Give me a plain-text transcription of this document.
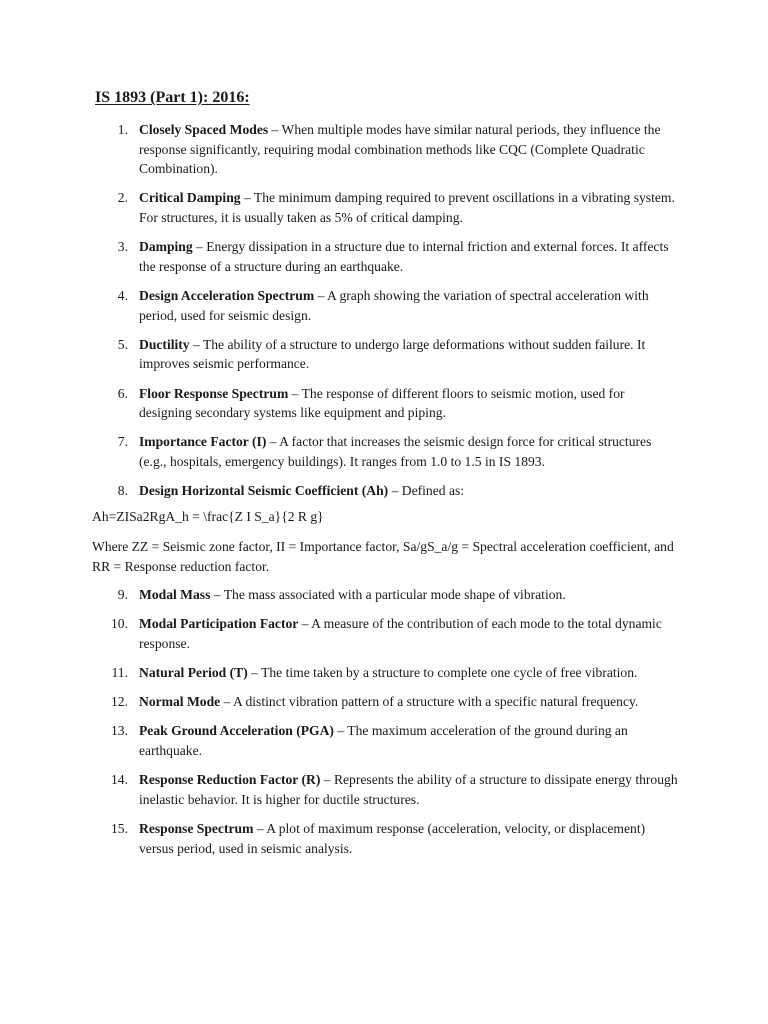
IS 1893 (Part 1): 2016:
1. Closely Spaced Modes – When multiple modes have similar natural periods, they influence the response significantly, requiring modal combination methods like CQC (Complete Quadratic Combination).
2. Critical Damping – The minimum damping required to prevent oscillations in a vibrating system. For structures, it is usually taken as 5% of critical damping.
3. Damping – Energy dissipation in a structure due to internal friction and external forces. It affects the response of a structure during an earthquake.
4. Design Acceleration Spectrum – A graph showing the variation of spectral acceleration with period, used for seismic design.
5. Ductility – The ability of a structure to undergo large deformations without sudden failure. It improves seismic performance.
6. Floor Response Spectrum – The response of different floors to seismic motion, used for designing secondary systems like equipment and piping.
7. Importance Factor (I) – A factor that increases the seismic design force for critical structures (e.g., hospitals, emergency buildings). It ranges from 1.0 to 1.5 in IS 1893.
8. Design Horizontal Seismic Coefficient (Ah) – Defined as:

Ah=ZISa2RgA_h = \frac{Z I S_a}{2 R g}

Where ZZ = Seismic zone factor, II = Importance factor, Sa/gS_a/g = Spectral acceleration coefficient, and RR = Response reduction factor.

9. Modal Mass – The mass associated with a particular mode shape of vibration.
10. Modal Participation Factor – A measure of the contribution of each mode to the total dynamic response.
11. Natural Period (T) – The time taken by a structure to complete one cycle of free vibration.
12. Normal Mode – A distinct vibration pattern of a structure with a specific natural frequency.
13. Peak Ground Acceleration (PGA) – The maximum acceleration of the ground during an earthquake.
14. Response Reduction Factor (R) – Represents the ability of a structure to dissipate energy through inelastic behavior. It is higher for ductile structures.
15. Response Spectrum – A plot of maximum response (acceleration, velocity, or displacement) versus period, used in seismic analysis.
